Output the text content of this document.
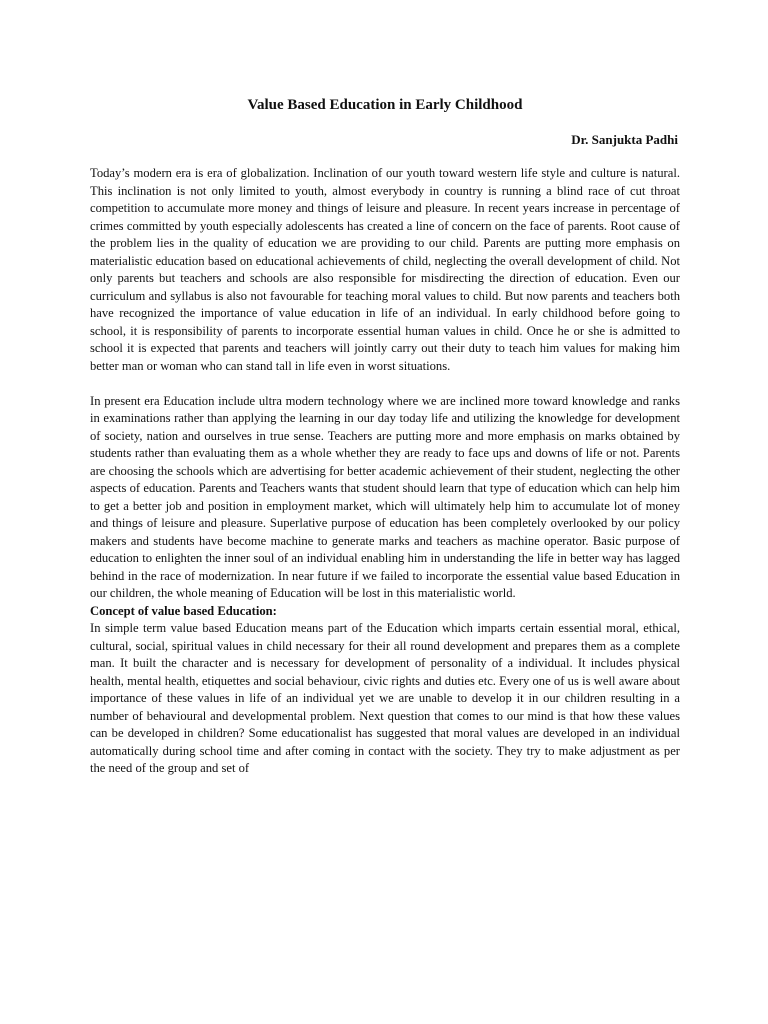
Value Based Education in Early Childhood
Dr. Sanjukta Padhi

Today’s modern era is era of globalization. Inclination of our youth toward western life style and culture is natural. This inclination is not only limited to youth, almost everybody in country is running a blind race of cut throat competition to accumulate more money and things of leisure and pleasure. In recent years increase in percentage of crimes committed by youth especially adolescents has created a line of concern on the face of parents. Root cause of the problem lies in the quality of education we are providing to our child. Parents are putting more emphasis on materialistic education based on educational achievements of child, neglecting the overall development of child. Not only parents but teachers and schools are also responsible for misdirecting the direction of education. Even our curriculum and syllabus is also not favourable for teaching moral values to child. But now parents and teachers both have recognized the importance of value education in life of an individual. In early childhood before going to school, it is responsibility of parents to incorporate essential human values in child. Once he or she is admitted to school it is expected that parents and teachers will jointly carry out their duty to teach him values for making him better man or woman who can stand tall in life even in worst situations.

In present era Education include ultra modern technology where we are inclined more toward knowledge and ranks in examinations rather than applying the learning in our day today life and utilizing the knowledge for development of society, nation and ourselves in true sense. Teachers are putting more and more emphasis on marks obtained by students rather than evaluating them as a whole whether they are ready to face ups and downs of life or not. Parents are choosing the schools which are advertising for better academic achievement of their student, neglecting the other aspects of education. Parents and Teachers wants that student should learn that type of education which can help him to get a better job and position in employment market, which will ultimately help him to accumulate lot of money and things of leisure and pleasure. Superlative purpose of education has been completely overlooked by our policy makers and students have become machine to generate marks and teachers as machine operator. Basic purpose of education to enlighten the inner soul of an individual enabling him in understanding the life in better way has lagged behind in the race of modernization. In near future if we failed to incorporate the essential value based Education in our children, the whole meaning of Education will be lost in this materialistic world.

Concept of value based Education:

In simple term value based Education means part of the Education which imparts certain essential moral, ethical, cultural, social, spiritual values in child necessary for their all round development and prepares them as a complete man. It built the character and is necessary for development of personality of a individual. It includes physical health, mental health, etiquettes and social behaviour, civic rights and duties etc. Every one of us is well aware about importance of these values in life of an individual yet we are unable to develop it in our children resulting in a number of behavioural and developmental problem. Next question that comes to our mind is that how these values can be developed in children? Some educationalist has suggested that moral values are developed in an individual automatically during school time and after coming in contact with the society. They try to make adjustment as per the need of the group and set of
